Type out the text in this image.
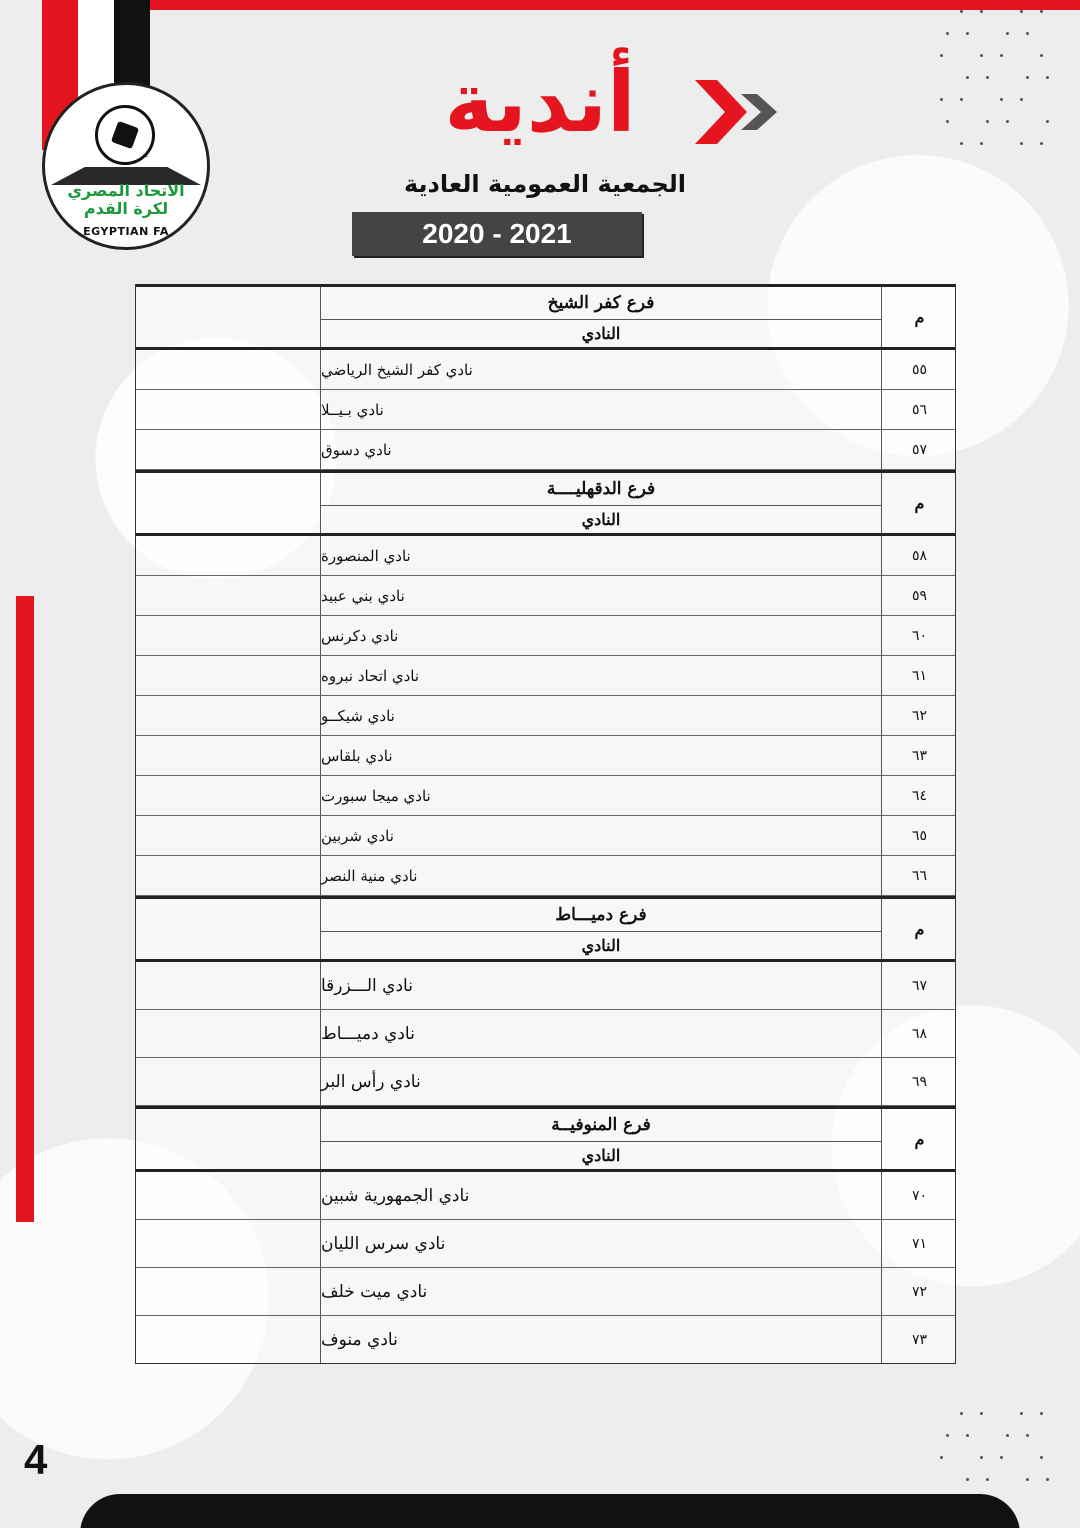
الاتحاد المصري
لكرة القدم
EGYPTIAN FA
أندية
الجمعية العمومية العادية
2020 - 2021
فرع كفر الشيخ
النادي
م
نادي كفر الشيخ الرياضي	٥٥
نادي بـيــلا	٥٦
نادي دسوق	٥٧
فرع الدقهليــــة
النادي
م
نادي المنصورة	٥٨
نادي بني عبيد	٥٩
نادي دكرنس	٦٠
نادي اتحاد نبروه	٦١
نادي شيكــو	٦٢
نادي بلقاس	٦٣
نادي ميجا سبورت	٦٤
نادي شربين	٦٥
نادي منية النصر	٦٦
فرع دميـــاط
النادي
م
نادي الـــزرقا	٦٧
نادي دميـــاط	٦٨
نادي رأس البر	٦٩
فرع المنوفيــة
النادي
م
نادي الجمهورية شبين	٧٠
نادي سرس الليان	٧١
نادي ميت خلف	٧٢
نادي منوف	٧٣
4
